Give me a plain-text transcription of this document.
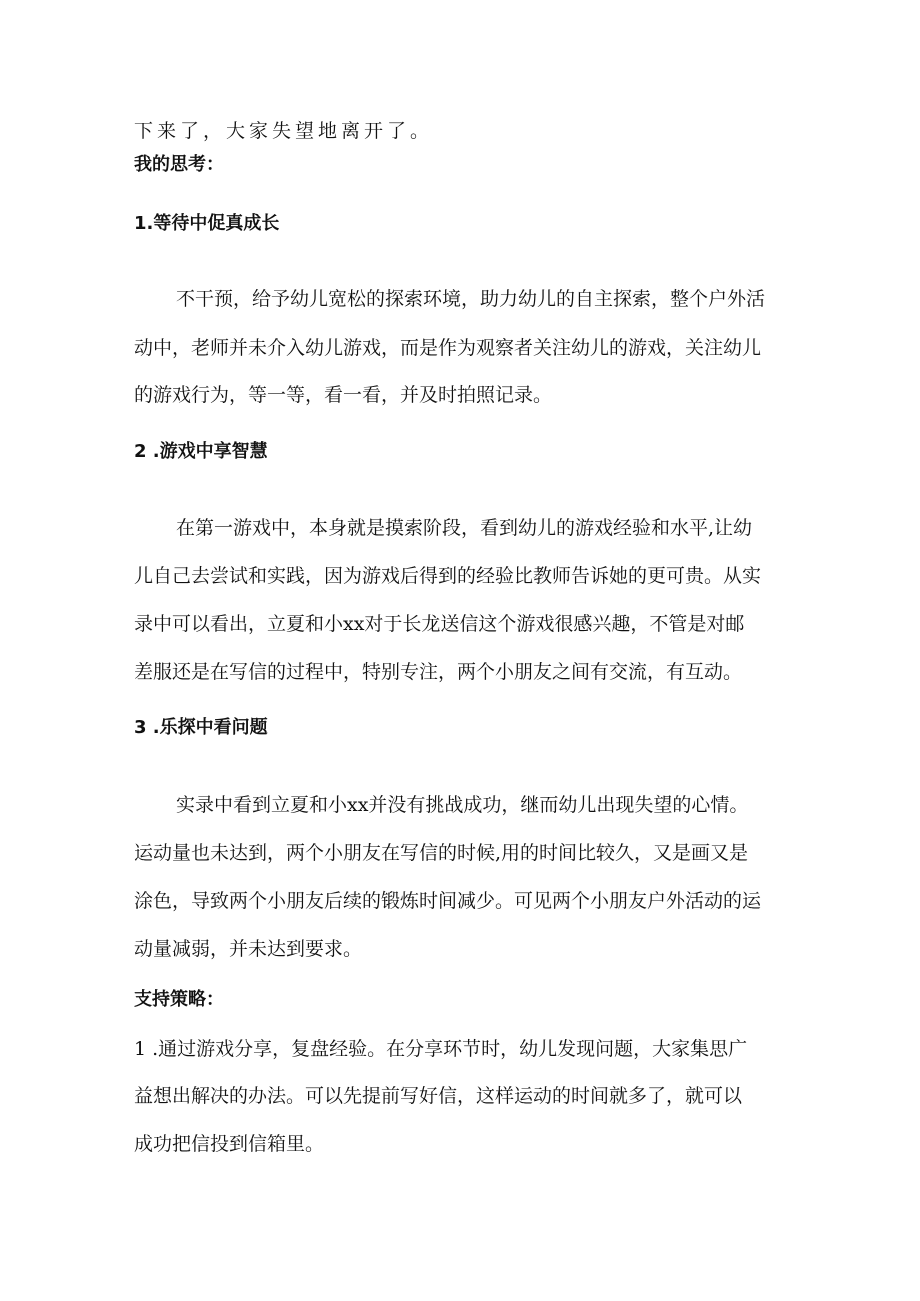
下来了，大家失望地离开了。
我的思考：
1.等待中促真成长
不干预，给予幼儿宽松的探索环境，助力幼儿的自主探索，整个户外活
动中，老师并未介入幼儿游戏，而是作为观察者关注幼儿的游戏，关注幼儿
的游戏行为，等一等，看一看，并及时拍照记录。
2 .游戏中享智慧
在第一游戏中，本身就是摸索阶段，看到幼儿的游戏经验和水平,让幼
儿自己去尝试和实践，因为游戏后得到的经验比教师告诉她的更可贵。从实
录中可以看出，立夏和小xx对于长龙送信这个游戏很感兴趣，不管是对邮
差服还是在写信的过程中，特别专注，两个小朋友之间有交流，有互动。
3 .乐探中看问题
实录中看到立夏和小xx并没有挑战成功，继而幼儿出现失望的心情。
运动量也未达到，两个小朋友在写信的时候,用的时间比较久，又是画又是
涂色，导致两个小朋友后续的锻炼时间减少。可见两个小朋友户外活动的运
动量减弱，并未达到要求。
支持策略：
1 .通过游戏分享，复盘经验。在分享环节时，幼儿发现问题，大家集思广
益想出解决的办法。可以先提前写好信，这样运动的时间就多了，就可以
成功把信投到信箱里。
